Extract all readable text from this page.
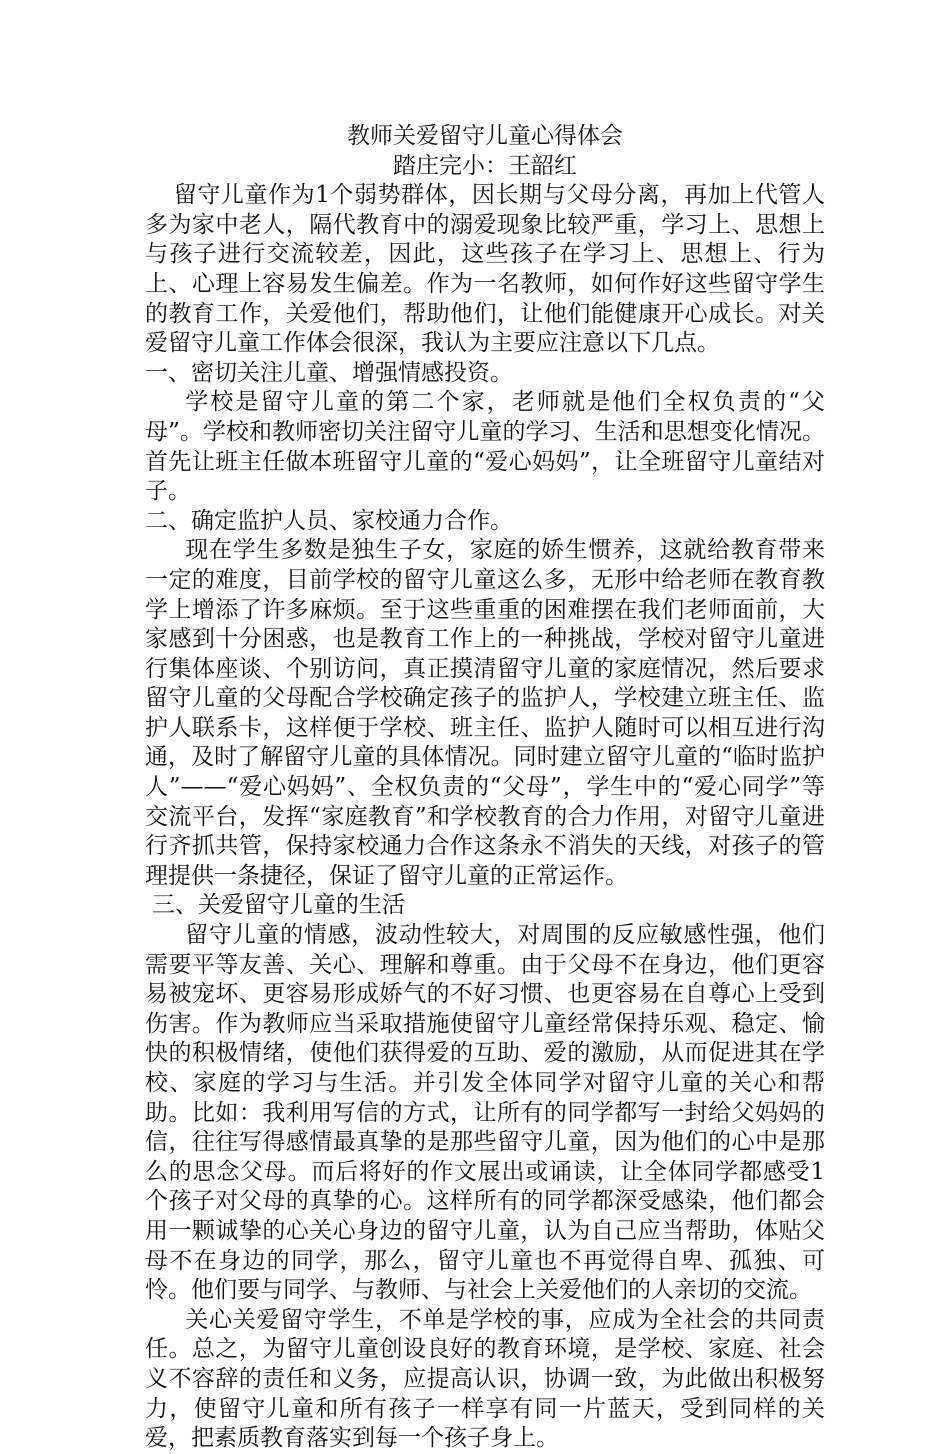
教师关爱留守儿童心得体会

踏庄完小：王韶红

留守儿童作为1个弱势群体，因长期与父母分离，再加上代管人多为家中老人，隔代教育中的溺爱现象比较严重，学习上、思想上与孩子进行交流较差，因此，这些孩子在学习上、思想上、行为上、心理上容易发生偏差。作为一名教师，如何作好这些留守学生的教育工作，关爱他们，帮助他们，让他们能健康开心成长。对关爱留守儿童工作体会很深，我认为主要应注意以下几点。

一、密切关注儿童、增强情感投资。

学校是留守儿童的第二个家，老师就是他们全权负责的“父母”。学校和教师密切关注留守儿童的学习、生活和思想变化情况。首先让班主任做本班留守儿童的“爱心妈妈”，让全班留守儿童结对子。

二、确定监护人员、家校通力合作。

现在学生多数是独生子女，家庭的娇生惯养，这就给教育带来一定的难度，目前学校的留守儿童这么多，无形中给老师在教育教学上增添了许多麻烦。至于这些重重的困难摆在我们老师面前，大家感到十分困惑，也是教育工作上的一种挑战，学校对留守儿童进行集体座谈、个别访问，真正摸清留守儿童的家庭情况，然后要求留守儿童的父母配合学校确定孩子的监护人，学校建立班主任、监护人联系卡，这样便于学校、班主任、监护人随时可以相互进行沟通，及时了解留守儿童的具体情况。同时建立留守儿童的“临时监护人”——“爱心妈妈”、全权负责的“父母”，学生中的“爱心同学”等交流平台，发挥“家庭教育”和学校教育的合力作用，对留守儿童进行齐抓共管，保持家校通力合作这条永不消失的天线，对孩子的管理提供一条捷径，保证了留守儿童的正常运作。

三、关爱留守儿童的生活

留守儿童的情感，波动性较大，对周围的反应敏感性强，他们需要平等友善、关心、理解和尊重。由于父母不在身边，他们更容易被宠坏、更容易形成娇气的不好习惯、也更容易在自尊心上受到伤害。作为教师应当采取措施使留守儿童经常保持乐观、稳定、愉快的积极情绪，使他们获得爱的互助、爱的激励，从而促进其在学校、家庭的学习与生活。并引发全体同学对留守儿童的关心和帮助。比如：我利用写信的方式，让所有的同学都写一封给父妈妈的信，往往写得感情最真挚的是那些留守儿童，因为他们的心中是那么的思念父母。而后将好的作文展出或诵读，让全体同学都感受1个孩子对父母的真挚的心。这样所有的同学都深受感染，他们都会用一颗诚挚的心关心身边的留守儿童，认为自己应当帮助，体贴父母不在身边的同学，那么，留守儿童也不再觉得自卑、孤独、可怜。他们要与同学、与教师、与社会上关爱他们的人亲切的交流。

关心关爱留守学生，不单是学校的事，应成为全社会的共同责任。总之，为留守儿童创设良好的教育环境，是学校、家庭、社会义不容辞的责任和义务，应提高认识，协调一致，为此做出积极努力，使留守儿童和所有孩子一样享有同一片蓝天，受到同样的关爱，把素质教育落实到每一个孩子身上。
